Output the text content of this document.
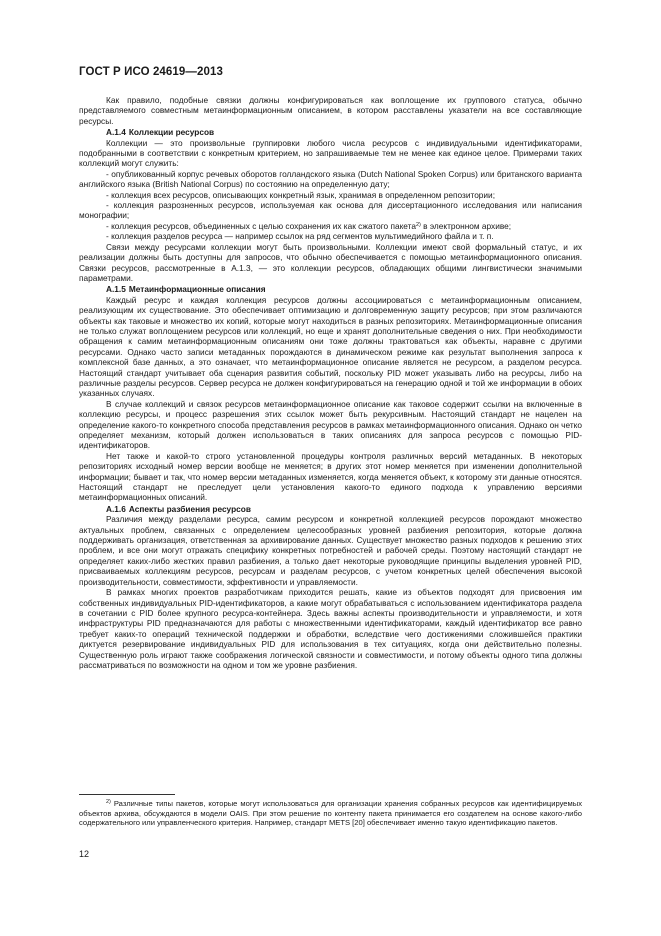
ГОСТ Р ИСО 24619—2013

Как правило, подобные связки должны конфигурироваться как воплощение их группового статуса, обычно представляемого совместным метаинформационным описанием, в котором расставлены указатели на все составляющие ресурсы.

А.1.4 Коллекции ресурсов

Коллекции — это произвольные группировки любого числа ресурсов с индивидуальными идентификаторами, подобранными в соответствии с конкретным критерием, но запрашиваемые тем не менее как единое целое. Примерами таких коллекций могут служить:

- опубликованный корпус речевых оборотов голландского языка (Dutch National Spoken Corpus) или британского варианта английского языка (British National Corpus) по состоянию на определенную дату;

- коллекция всех ресурсов, описывающих конкретный язык, хранимая в определенном репозитории;

- коллекция разрозненных ресурсов, используемая как основа для диссертационного исследования или написания монографии;

- коллекция ресурсов, объединенных с целью сохранения их как сжатого пакета$^{2)}$ в электронном архиве;

- коллекция разделов ресурса — например ссылок на ряд сегментов мультимедийного файла и т. п.

Связи между ресурсами коллекции могут быть произвольными. Коллекции имеют свой формальный статус, и их реализации должны быть доступны для запросов, что обычно обеспечивается с помощью метаинформационного описания. Связки ресурсов, рассмотренные в А.1.3, — это коллекции ресурсов, обладающих общими лингвистически значимыми параметрами.

А.1.5 Метаинформационные описания

Каждый ресурс и каждая коллекция ресурсов должны ассоциироваться с метаинформационным описанием, реализующим их существование. Это обеспечивает оптимизацию и долговременную защиту ресурсов; при этом различаются объекты как таковые и множество их копий, которые могут находиться в разных репозиториях. Метаинформационные описания не только служат воплощением ресурсов или коллекций, но еще и хранят дополнительные сведения о них. При необходимости обращения к самим метаинформационным описаниям они тоже должны трактоваться как объекты, наравне с другими ресурсами. Однако часто записи метаданных порождаются в динамическом режиме как результат выполнения запроса к комплексной базе данных, а это означает, что метаинформационное описание является не ресурсом, а разделом ресурса. Настоящий стандарт учитывает оба сценария развития событий, поскольку PID может указывать либо на ресурсы, либо на различные разделы ресурсов. Сервер ресурса не должен конфигурироваться на генерацию одной и той же информации в обоих указанных случаях.

В случае коллекций и связок ресурсов метаинформационное описание как таковое содержит ссылки на включенные в коллекцию ресурсы, и процесс разрешения этих ссылок может быть рекурсивным. Настоящий стандарт не нацелен на определение какого-то конкретного способа представления ресурсов в рамках метаинформационного описания. Однако он четко определяет механизм, который должен использоваться в таких описаниях для запроса ресурсов с помощью PID-идентификаторов.

Нет также и какой-то строго установленной процедуры контроля различных версий метаданных. В некоторых репозиториях исходный номер версии вообще не меняется; в других этот номер меняется при изменении дополнительной информации; бывает и так, что номер версии метаданных изменяется, когда меняется объект, к которому эти данные относятся. Настоящий стандарт не преследует цели установления какого-то единого подхода к управлению версиями метаинформационных описаний.

А.1.6 Аспекты разбиения ресурсов

Различия между разделами ресурса, самим ресурсом и конкретной коллекцией ресурсов порождают множество актуальных проблем, связанных с определением целесообразных уровней разбиения репозитория, которые должна поддерживать организация, ответственная за архивирование данных. Существует множество разных подходов к решению этих проблем, и все они могут отражать специфику конкретных потребностей и рабочей среды. Поэтому настоящий стандарт не определяет каких-либо жестких правил разбиения, а только дает некоторые руководящие принципы выделения уровней PID, присваиваемых коллекциям ресурсов, ресурсам и разделам ресурсов, с учетом конкретных целей обеспечения высокой производительности, совместимости, эффективности и управляемости.

В рамках многих проектов разработчикам приходится решать, какие из объектов подходят для присвоения им собственных индивидуальных PID-идентификаторов, а какие могут обрабатываться с использованием идентификатора раздела в сочетании с PID более крупного ресурса-контейнера. Здесь важны аспекты производительности и управляемости, и хотя инфраструктуры PID предназначаются для работы с множественными идентификаторами, каждый идентификатор все равно требует каких-то операций технической поддержки и обработки, вследствие чего достижениями сложившейся практики диктуется резервирование индивидуальных PID для использования в тех ситуациях, когда они действительно полезны. Существенную роль играют также соображения логической связности и совместимости, и потому объекты одного типа должны рассматриваться по возможности на одном и том же уровне разбиения.

$^{2)}$ Различные типы пакетов, которые могут использоваться для организации хранения собранных ресурсов как идентифицируемых объектов архива, обсуждаются в модели OAIS. При этом решение по контенту пакета принимается его создателем на основе какого-либо содержательного или управленческого критерия. Например, стандарт METS [20] обеспечивает именно такую идентификацию пакетов.

12
